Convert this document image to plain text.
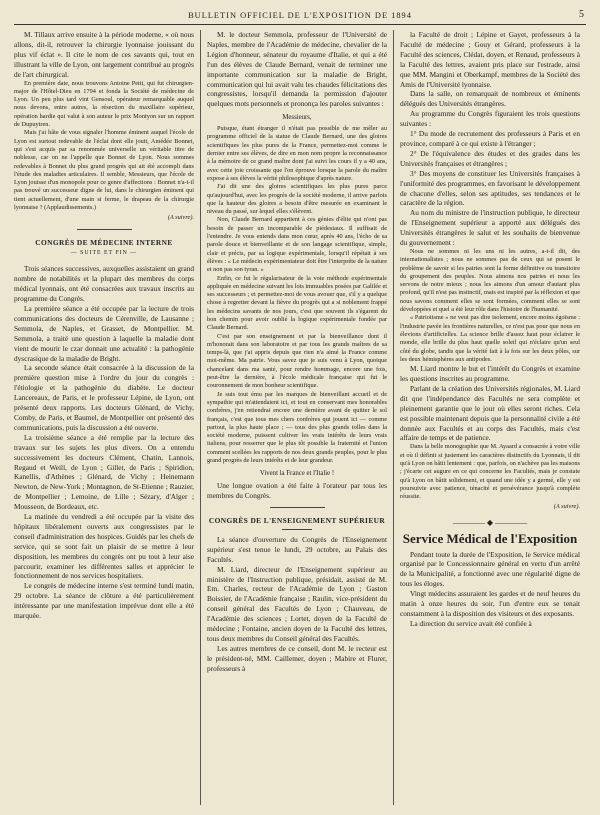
BULLETIN OFFICIEL DE L'EXPOSITION DE 1894	5

M. Tillaux arrive ensuite à la période moderne, « où nous allons, dit-il, retrouver la chirurgie lyonnaise jouissant du plus vif éclat ». Il cite le nom de ces savants qui, tout en illustrant la ville de Lyon, ont largement contribué au progrès de l'art chirurgical.

En première date, nous trouvons Antoine Petit, qui fut chirurgien-major de l'Hôtel-Dieu en 1794 et fonda la Société de médecine de Lyon. Un peu plus tard vint Gensoul, opérateur remarquable auquel nous devons, entre autres, la résection du maxillaire supérieur, opération hardie qui valut à son auteur le prix Montyon sur un rapport de Dupuytren.

Mais j'ai hâte de vous signaler l'homme éminent auquel l'école de Lyon est surtout redevable de l'éclat dont elle jouit, Amédée Bonnet, qui s'est acquis par sa renommée universelle un véritable titre de noblesse, car on ne l'appelle que Bonnet de Lyon. Nous sommes redevables à Bonnet du plus grand progrès qui ait été accompli dans l'étude des maladies articulaires. Il semble, Messieurs, que l'école de Lyon jouisse d'un monopole pour ce genre d'affections : Bonnet n'a-t-il pas trouvé un successeur digne de lui, dans le chirurgien éminent qui tient actuellement, d'une main si ferme, le drapeau de la chirurgie lyonnaise ? (Applaudissements.)

(A suivre).
CONGRÈS DE MÉDECINE INTERNE
— SUITE ET FIN —

Trois séances successives, auxquelles assistaient un grand nombre de notabilités et la plupart des membres du corps médical lyonnais, ont été consacrées aux travaux inscrits au programme du Congrès.

La première séance a été occupée par la lecture de trois communications des docteurs de Cérenville, de Lausanne ; Semmola, de Naples, et Grasset, de Montpellier. M. Semmola, a traité une question à laquelle la maladie dont vient de mourir le czar donnait une actualité : la pathogénie dyscrasique de la maladie de Bright.

La seconde séance était consacrée à la discussion de la première question mise à l'ordre du jour du congrès : l'étiologie et la pathogénie du diabète. Le docteur Lancereaux, de Paris, et le professeur Lépine, de Lyon, ont présenté deux rapports. Les docteurs Glénard, de Vichy, Comby, de Paris, et Baumel, de Montpellier ont présenté des communications, puis la discussion a été ouverte.

La troisième séance a été remplie par la lecture des travaux sur les sujets les plus divers. On a entendu successivement les docteurs Clément, Chatin, Lannois, Regaud et Weill, de Lyon ; Gillet, de Paris ; Spiridion, Kanellis, d'Athènes ; Glénard, de Vichy ; Heinemann Newton, de New-York ; Montagnon, de St-Etienne ; Rauzier, de Montpellier ; Lemoine, de Lille ; Sézary, d'Alger ; Mousseon, de Bordeaux, etc.

La matinée du vendredi a été occupée par la visite des hôpitaux libéralement ouverts aux congressistes par le conseil d'administration des hospices. Guidés par les chefs de service, qui se sont fait un plaisir de se mettre à leur disposition, les membres du congrès ont pu tout à leur aise parcourir, examiner les différentes salles et apprécier le fonctionnement de nos services hospitaliers.

Le congrès de médecine interne s'est terminé lundi matin, 29 octobre. La séance de clôture a été particulièrement intéressante par une manifestation imprévue dont elle a été marquée.

M. le docteur Semmola, professeur de l'Université de Naples, membre de l'Académie de médecine, chevalier de la Légion d'honneur, sénateur du royaume d'Italie, et qui a été l'un des élèves de Claude Bernard, venait de terminer une importante communication sur la maladie de Bright, communication qui lui avait valu les chaudes félicitations des congressistes, lorsqu'il demanda la permission d'ajouter quelques mots personnels et prononça les paroles suivantes :

Messieurs,

Puisque, étant étranger il n'était pas possible de me mêler au programme officiel de la statue de Claude Bernard, une des gloires scientifiques les plus pures de la France, permettez-moi comme le dernier entre ses élèves, de dire en mon nom propre la reconnaissance à la mémoire de ce grand maître dont j'ai suivi les cours il y a 40 ans, avec cette joie croissante que l'on éprouve lorsque la parole du maître expose à ses élèves la vérité philosophique d'après nature.

J'ai dit une des gloires scientifiques les plus pures parce qu'aujourd'hui, avec les progrès de la société moderne, il arrive parfois que la hauteur des gloires a besoin d'être mesurée en examinant le niveau du passé, sur lequel elles s'élèvent.

Non, Claude Bernard appartient à ces génies d'élite qui n'ont pas besoin de passer un incomparable de piédestaux. Il suffisait de l'entendre. Je vous entends dans mon cœur, après 40 ans, l'écho de sa parole douce et bienveillante et de son langage scientifique, simple, clair et précis, par sa logique expérimentale, lorsqu'il répétait à ses élèves : « Le médecin expérimentateur doit être l'interprète de la nature et non pas son tyran. »

Enfin, ce fut le régularisateur de la voie méthode expérimentale appliquée en médecine suivant les lois immuables posées par Galilée et ses successeurs ; et permettez-moi de vous avouer que, s'il y a quelque chose à regretter devant la fièvre du progrès qui a si noblement frappé les médecins savants de nos jours, c'est que souvent ils s'égarent du bon chemin pour avoir oublié la logique expérimentale fondée par Claude Bernard.

C'est par son enseignement et par la bienveillance dont il m'honorait dans son laboratoire et par tous les grands maîtres de sa temps-là, que j'ai appris depuis que rien n'a aimé la France comme moi-même. Ma patrie. Vous savez que je suis venu à Lyon, quoique chancelant dans ma santé, pour rendre hommage, encore une fois, peut-être la dernière, à l'école médicale française qui fut le couronnement de mon bonheur scientifique.

Je suis tout ému par les marques de bienveillant accueil et de sympathie qui m'attendaient ici, et tout en conservant mes honorables confrères, j'en retiendrai encore une dernière avant de quitter le sol français, c'est que tous mes chers confrères qui jouent ici — comme partout, la plus haute place ; — tous des plus grands tolles dans la société moderne, puissent cultiver les vrais intérêts de leurs vrais italiens, pour resserrer que le plus tôt possible la fraternité et l'union comment scellées les rapports de nos deux grands peuples, pour le plus grand progrès de leurs intérêts et de leur grandeur.

Vivent la France et l'Italie !

Une longue ovation a été faite à l'orateur par tous les membres du Congrès.

CONGRÈS DE L'ENSEIGNEMENT SUPÉRIEUR

La séance d'ouverture du Congrès de l'Enseignement supérieur s'est tenue le lundi, 29 octobre, au Palais des Facultés.

M. Liard, directeur de l'Enseignement supérieur au ministère de l'Instruction publique, présidait, assisté de M. Em. Charles, recteur de l'Académie de Lyon ; Gaston Boissier, de l'Académie française ; Raulin, vice-président du conseil général des Facultés de Lyon ; Chauveau, de l'Académie des sciences ; Lortet, doyen de la Faculté de médecine ; Fontaine, ancien doyen de la Faculté des lettres, tous deux membres du Conseil général des Facultés.

Les autres membres de ce conseil, dont M. le recteur est le président-né, MM. Caillemer, doyen ; Mabire et Flurer, professeurs à

la Faculté de droit ; Lépine et Gayet, professeurs à la Faculté de médecine ; Gouy et Gérard, professeurs à la Faculté des sciences, Clédat, doyen, et Renaud, professeurs à la Faculté des lettres, avaient pris place sur l'estrade, ainsi que MM. Mangini et Oberkampf, membres de la Société des Amis de l'Université lyonnaise.

Dans la salle, on remarquait de nombreux et éminents délégués des Universités étrangères.

Au programme du Congrès figuraient les trois questions suivantes :

1° Du mode de recrutement des professeurs à Paris et en province, comparé à ce qui existe à l'étranger ;

2° De l'équivalence des études et des grades dans les Universités françaises et étrangères ;

3° Des moyens de constituer les Universités françaises à l'uniformité des programmes, en favorisant le développement de chacune d'elles, selon ses aptitudes, ses tendances et le caractère de la région.

Au nom du ministre de l'instruction publique, le directeur de l'Enseignement supérieur a apporté aux délégués des Universités étrangères le salut et les souhaits de bienvenue du gouvernement :

Nous ne sommes ni les uns ni les autres, a-t-il dit, des internationalistes ; nous ne sommes pas de ceux qui se posent le problème de savoir si les patries sont la forme définitive ou transitoire du groupement des peuples. Nous aimons nos patries et nous les servons de notre mieux ; nous les aimons d'un amour d'autant plus profond, qu'il n'est pas instinctif, mais est inspiré par la réflexion et que nous savons comment elles se sont formées, comment elles se sont développées et quel a été leur rôle dans l'histoire de l'humanité.

« Patriotisme » ne veut pas dire isolement, encore moins égoïsme : l'industrie pavée les frontières naturelles, ce n'est pas pour que nous en élevions d'artificielles. La science brille d'assez haut pour éclairer le monde, elle brille du plus haut quelle soleil qui n'éclaire qu'un seul côté du globe, tandis que la vérité fait à la fois sur les deux pôles, sur les deux hémisphères aux antipodes.

M. Liard montre le but et l'intérêt du Congrès et examine les questions inscrites au programme.

Parlant de la création des Universités régionales, M. Liard dit que l'indépendance des Facultés ne sera complète et pleinement garantie que le jour où elles seront riches. Cela est possible maintenant depuis que la personnalité civile a été donnée aux Facultés et au corps des Facultés, mais c'est affaire de temps et de patience.

Dans la belle monographie que M. Ayaard a consacrée à votre ville et où il définit si justement les caractères distinctifs du Lyonnais, il dit qu'à Lyon on bâtit lentement : que, parfois, on n'achève pas les maisons ; j'écarte cet augure en ce qui concerne les Facultés, mais je constate qu'à Lyon on bâtit solidement, et quand une idée y a germé, elle y est poursuivie avec patience, ténacité et persévérance jusqu'à complète réussite.

(A suivre).
———— ◆ ————
Service Médical de l'Exposition

Pendant toute la durée de l'Exposition, le Service médical organisé par le Concessionnaire général en vertu d'un arrêté de la Municipalité, a fonctionné avec une régularité digne de tous les éloges.

Vingt médecins assuraient les gardes et de neuf heures du matin à onze heures du soir, l'un d'entre eux se tenait constamment à la disposition des visiteurs et des exposants.

La direction du service avait été confiée à
